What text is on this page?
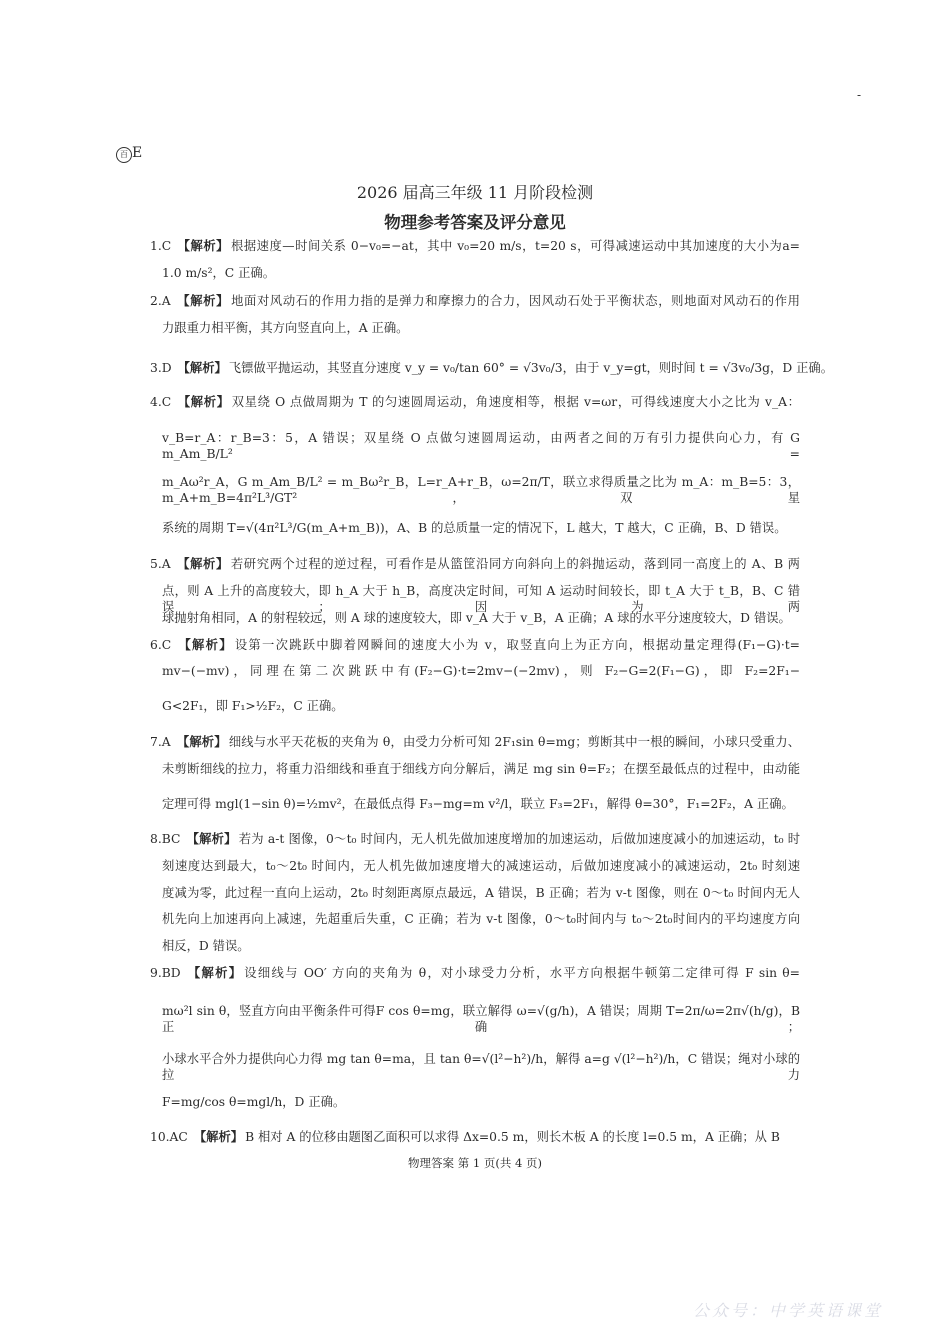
-
百 E
2026 届高三年级 11 月阶段检测
物理参考答案及评分意见
1.C 【解析】 根据速度—时间关系 0−v₀=−at，其中 v₀=20 m/s，t=20 s，可得减速运动中其加速度的大小为a=
1.0 m/s²，C 正确。
2.A 【解析】 地面对风动石的作用力指的是弹力和摩擦力的合力，因风动石处于平衡状态，则地面对风动石的作用
力跟重力相平衡，其方向竖直向上，A 正确。
3.D 【解析】 飞镖做平抛运动，其竖直分速度 v_y = v₀/tan 60° = √3v₀/3，由于 v_y=gt，则时间 t = √3v₀/3g，D 正确。
4.C 【解析】 双星绕 O 点做周期为 T 的匀速圆周运动，角速度相等，根据 v=ωr，可得线速度大小之比为 v_A：
v_B=r_A：r_B=3：5，A 错误；双星绕 O 点做匀速圆周运动，由两者之间的万有引力提供向心力，有 G m_Am_B/L² =
m_Aω²r_A，G m_Am_B/L² = m_Bω²r_B，L=r_A+r_B，ω=2π/T，联立求得质量之比为 m_A：m_B=5：3，m_A+m_B=4π²L³/GT²，双星
系统的周期 T=√(4π²L³/G(m_A+m_B))，A、B 的总质量一定的情况下，L 越大，T 越大，C 正确，B、D 错误。
5.A 【解析】 若研究两个过程的逆过程，可看作是从篮筐沿同方向斜向上的斜抛运动，落到同一高度上的 A、B 两
点，则 A 上升的高度较大，即 h_A 大于 h_B，高度决定时间，可知 A 运动时间较长，即 t_A 大于 t_B，B、C 错误；因为两
球抛射角相同，A 的射程较远，则 A 球的速度较大，即 v_A 大于 v_B，A 正确；A 球的水平分速度较大，D 错误。
6.C 【解析】 设第一次跳跃中脚着网瞬间的速度大小为 v，取竖直向上为正方向，根据动量定理得(F₁−G)·t=
mv−(−mv)，同理在第二次跳跃中有(F₂−G)·t=2mv−(−2mv)，则 F₂−G=2(F₁−G)，即 F₂=2F₁−
G<2F₁，即 F₁>½F₂，C 正确。
7.A 【解析】 细线与水平天花板的夹角为 θ，由受力分析可知 2F₁sin θ=mg；剪断其中一根的瞬间，小球只受重力、
未剪断细线的拉力，将重力沿细线和垂直于细线方向分解后，满足 mg sin θ=F₂；在摆至最低点的过程中，由动能
定理可得 mgl(1−sin θ)=½mv²，在最低点得 F₃−mg=m v²/l，联立 F₃=2F₁，解得 θ=30°，F₁=2F₂，A 正确。
8.BC 【解析】 若为 a-t 图像，0～t₀ 时间内，无人机先做加速度增加的加速运动，后做加速度减小的加速运动，t₀ 时
刻速度达到最大，t₀～2t₀ 时间内，无人机先做加速度增大的减速运动，后做加速度减小的减速运动，2t₀ 时刻速
度减为零，此过程一直向上运动，2t₀ 时刻距离原点最远，A 错误，B 正确；若为 v-t 图像，则在 0～t₀ 时间内无人
机先向上加速再向上减速，先超重后失重，C 正确；若为 v-t 图像，0～t₀时间内与 t₀～2t₀时间内的平均速度方向
相反，D 错误。
9.BD 【解析】 设细线与 OO′ 方向的夹角为 θ，对小球受力分析，水平方向根据牛顿第二定律可得 F sin θ=
mω²l sin θ，竖直方向由平衡条件可得F cos θ=mg，联立解得 ω=√(g/h)，A 错误；周期 T=2π/ω=2π√(h/g)，B 正确；
小球水平合外力提供向心力得 mg tan θ=ma，且 tan θ=√(l²−h²)/h，解得 a=g √(l²−h²)/h，C 错误；绳对小球的拉力
F=mg/cos θ=mgl/h，D 正确。
10.AC 【解析】 B 相对 A 的位移由题图乙面积可以求得 Δx=0.5 m，则长木板 A 的长度 l=0.5 m，A 正确；从 B
物理答案 第 1 页(共 4 页)
公众号：中学英语课堂
